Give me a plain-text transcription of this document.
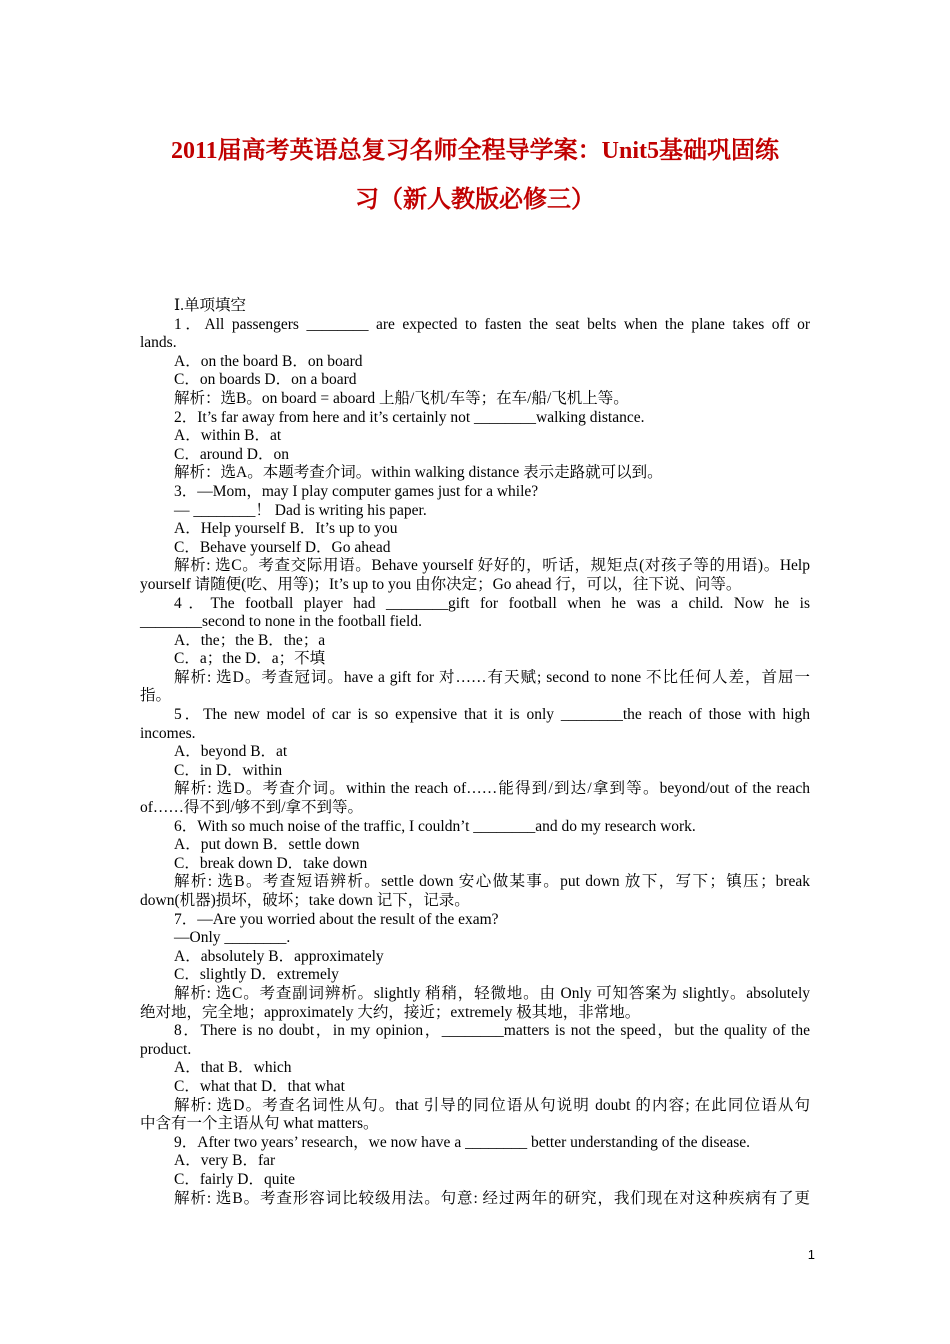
2011届高考英语总复习名师全程导学案：Unit5基础巩固练
习（新人教版必修三）
Ⅰ.单项填空
1．All passengers ________ are expected to fasten the seat belts when the plane takes off or
lands.
A．on the board B．on board
C．on boards D．on a board
解析：选B。on board = aboard 上船/飞机/车等；在车/船/飞机上等。
2．It’s far away from here and it’s certainly not ________walking distance.
A．within B．at
C．around D．on
解析：选A。本题考查介词。within walking distance 表示走路就可以到。
3．—Mom，may I play computer games just for a while?
— ________！ Dad is writing his paper.
A．Help yourself B．It’s up to you
C．Behave yourself D．Go ahead
解析: 选C。考查交际用语。Behave yourself 好好的，听话，规矩点(对孩子等的用语)。Help
yourself 请随便(吃、用等)；It’s up to you 由你决定；Go ahead 行，可以，往下说、问等。
4．The football player had ________gift for football when he was a child. Now he is
________second to none in the football field.
A．the；the B．the；a
C．a；the D．a；不填
解析: 选D。考查冠词。have a gift for 对……有天赋; second to none 不比任何人差，首屈一
指。
5．The new model of car is so expensive that it is only ________the reach of those with high
incomes.
A．beyond B．at
C．in D．within
解析: 选D。考查介词。within the reach of……能得到/到达/拿到等。beyond/out of the reach
of……得不到/够不到/拿不到等。
6．With so much noise of the traffic, I couldn’t ________and do my research work.
A．put down B．settle down
C．break down D．take down
解析: 选B。考查短语辨析。settle down 安心做某事。put down 放下，写下；镇压；break
down(机器)损坏，破坏；take down 记下，记录。
7．—Are you worried about the result of the exam?
—Only ________.
A．absolutely B．approximately
C．slightly D．extremely
解析: 选C。考查副词辨析。slightly 稍稍，轻微地。由 Only 可知答案为 slightly。absolutely
绝对地，完全地；approximately 大约，接近；extremely 极其地，非常地。
8．There is no doubt，in my opinion，________matters is not the speed，but the quality of the
product.
A．that B．which
C．what that D．that what
解析: 选D。考查名词性从句。that 引导的同位语从句说明 doubt 的内容; 在此同位语从句
中含有一个主语从句 what matters。
9．After two years’ research，we now have a ________ better understanding of the disease.
A．very B．far
C．fairly D．quite
解析: 选B。考查形容词比较级用法。句意: 经过两年的研究，我们现在对这种疾病有了更
1
